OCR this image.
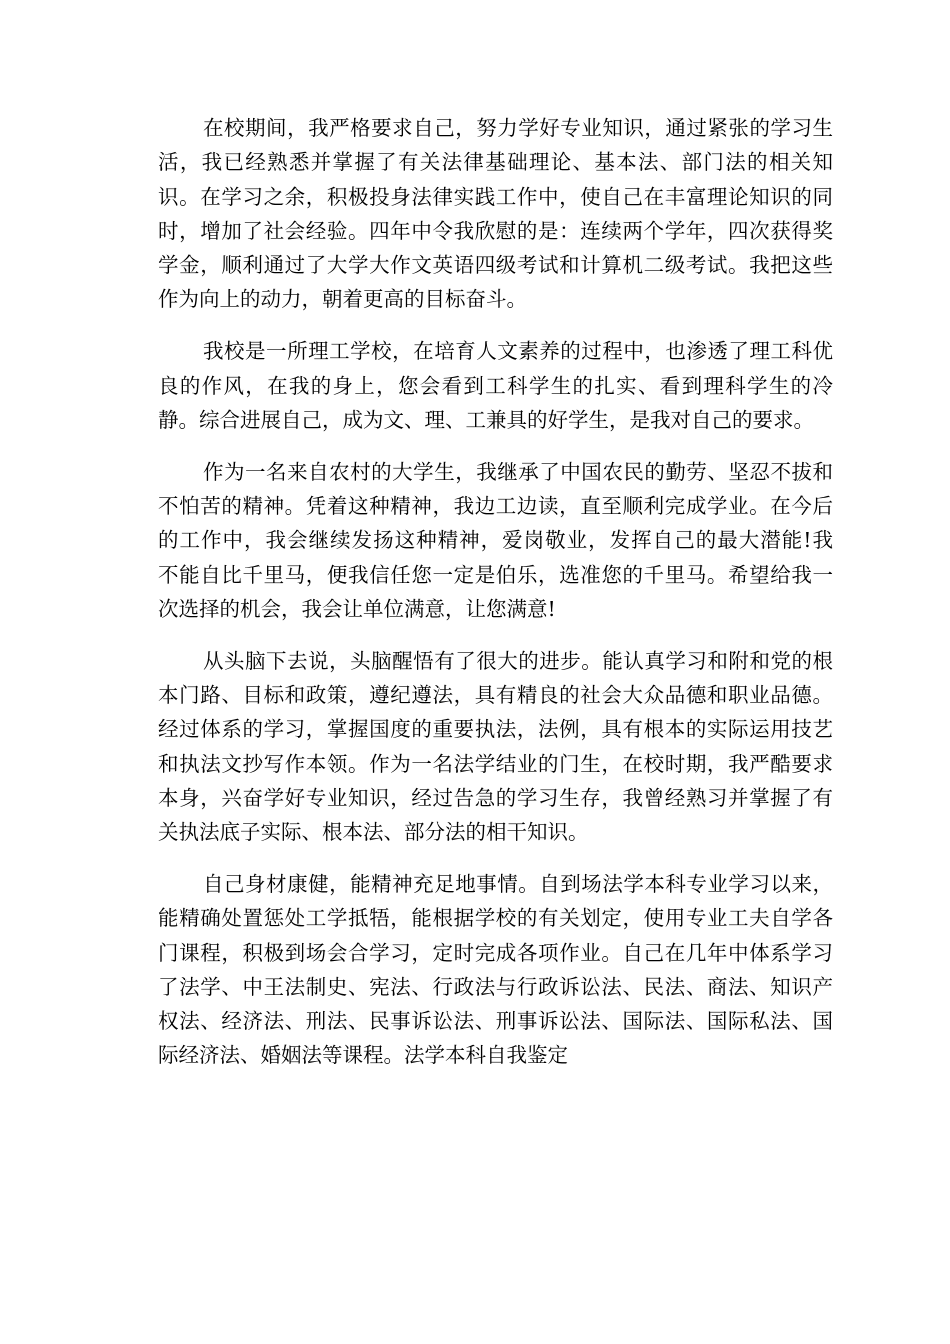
在校期间，我严格要求自己，努力学好专业知识，通过紧张的学习生
活，我已经熟悉并掌握了有关法律基础理论、基本法、部门法的相关知
识。在学习之余，积极投身法律实践工作中，使自己在丰富理论知识的同
时，增加了社会经验。四年中令我欣慰的是：连续两个学年，四次获得奖
学金，顺利通过了大学大作文英语四级考试和计算机二级考试。我把这些
作为向上的动力，朝着更高的目标奋斗。
我校是一所理工学校，在培育人文素养的过程中，也渗透了理工科优
良的作风，在我的身上，您会看到工科学生的扎实、看到理科学生的冷
静。综合进展自己，成为文、理、工兼具的好学生，是我对自己的要求。
作为一名来自农村的大学生，我继承了中国农民的勤劳、坚忍不拔和
不怕苦的精神。凭着这种精神，我边工边读，直至顺利完成学业。在今后
的工作中，我会继续发扬这种精神，爱岗敬业，发挥自己的最大潜能!我
不能自比千里马，便我信任您一定是伯乐，选准您的千里马。希望给我一
次选择的机会，我会让单位满意，让您满意!
从头脑下去说，头脑醒悟有了很大的进步。能认真学习和附和党的根
本门路、目标和政策，遵纪遵法，具有精良的社会大众品德和职业品德。
经过体系的学习，掌握国度的重要执法，法例，具有根本的实际运用技艺
和执法文抄写作本领。作为一名法学结业的门生，在校时期，我严酷要求
本身，兴奋学好专业知识，经过告急的学习生存，我曾经熟习并掌握了有
关执法底子实际、根本法、部分法的相干知识。
自己身材康健，能精神充足地事情。自到场法学本科专业学习以来，
能精确处置惩处工学抵牾，能根据学校的有关划定，使用专业工夫自学各
门课程，积极到场会合学习，定时完成各项作业。自己在几年中体系学习
了法学、中王法制史、宪法、行政法与行政诉讼法、民法、商法、知识产
权法、经济法、刑法、民事诉讼法、刑事诉讼法、国际法、国际私法、国
际经济法、婚姻法等课程。法学本科自我鉴定
